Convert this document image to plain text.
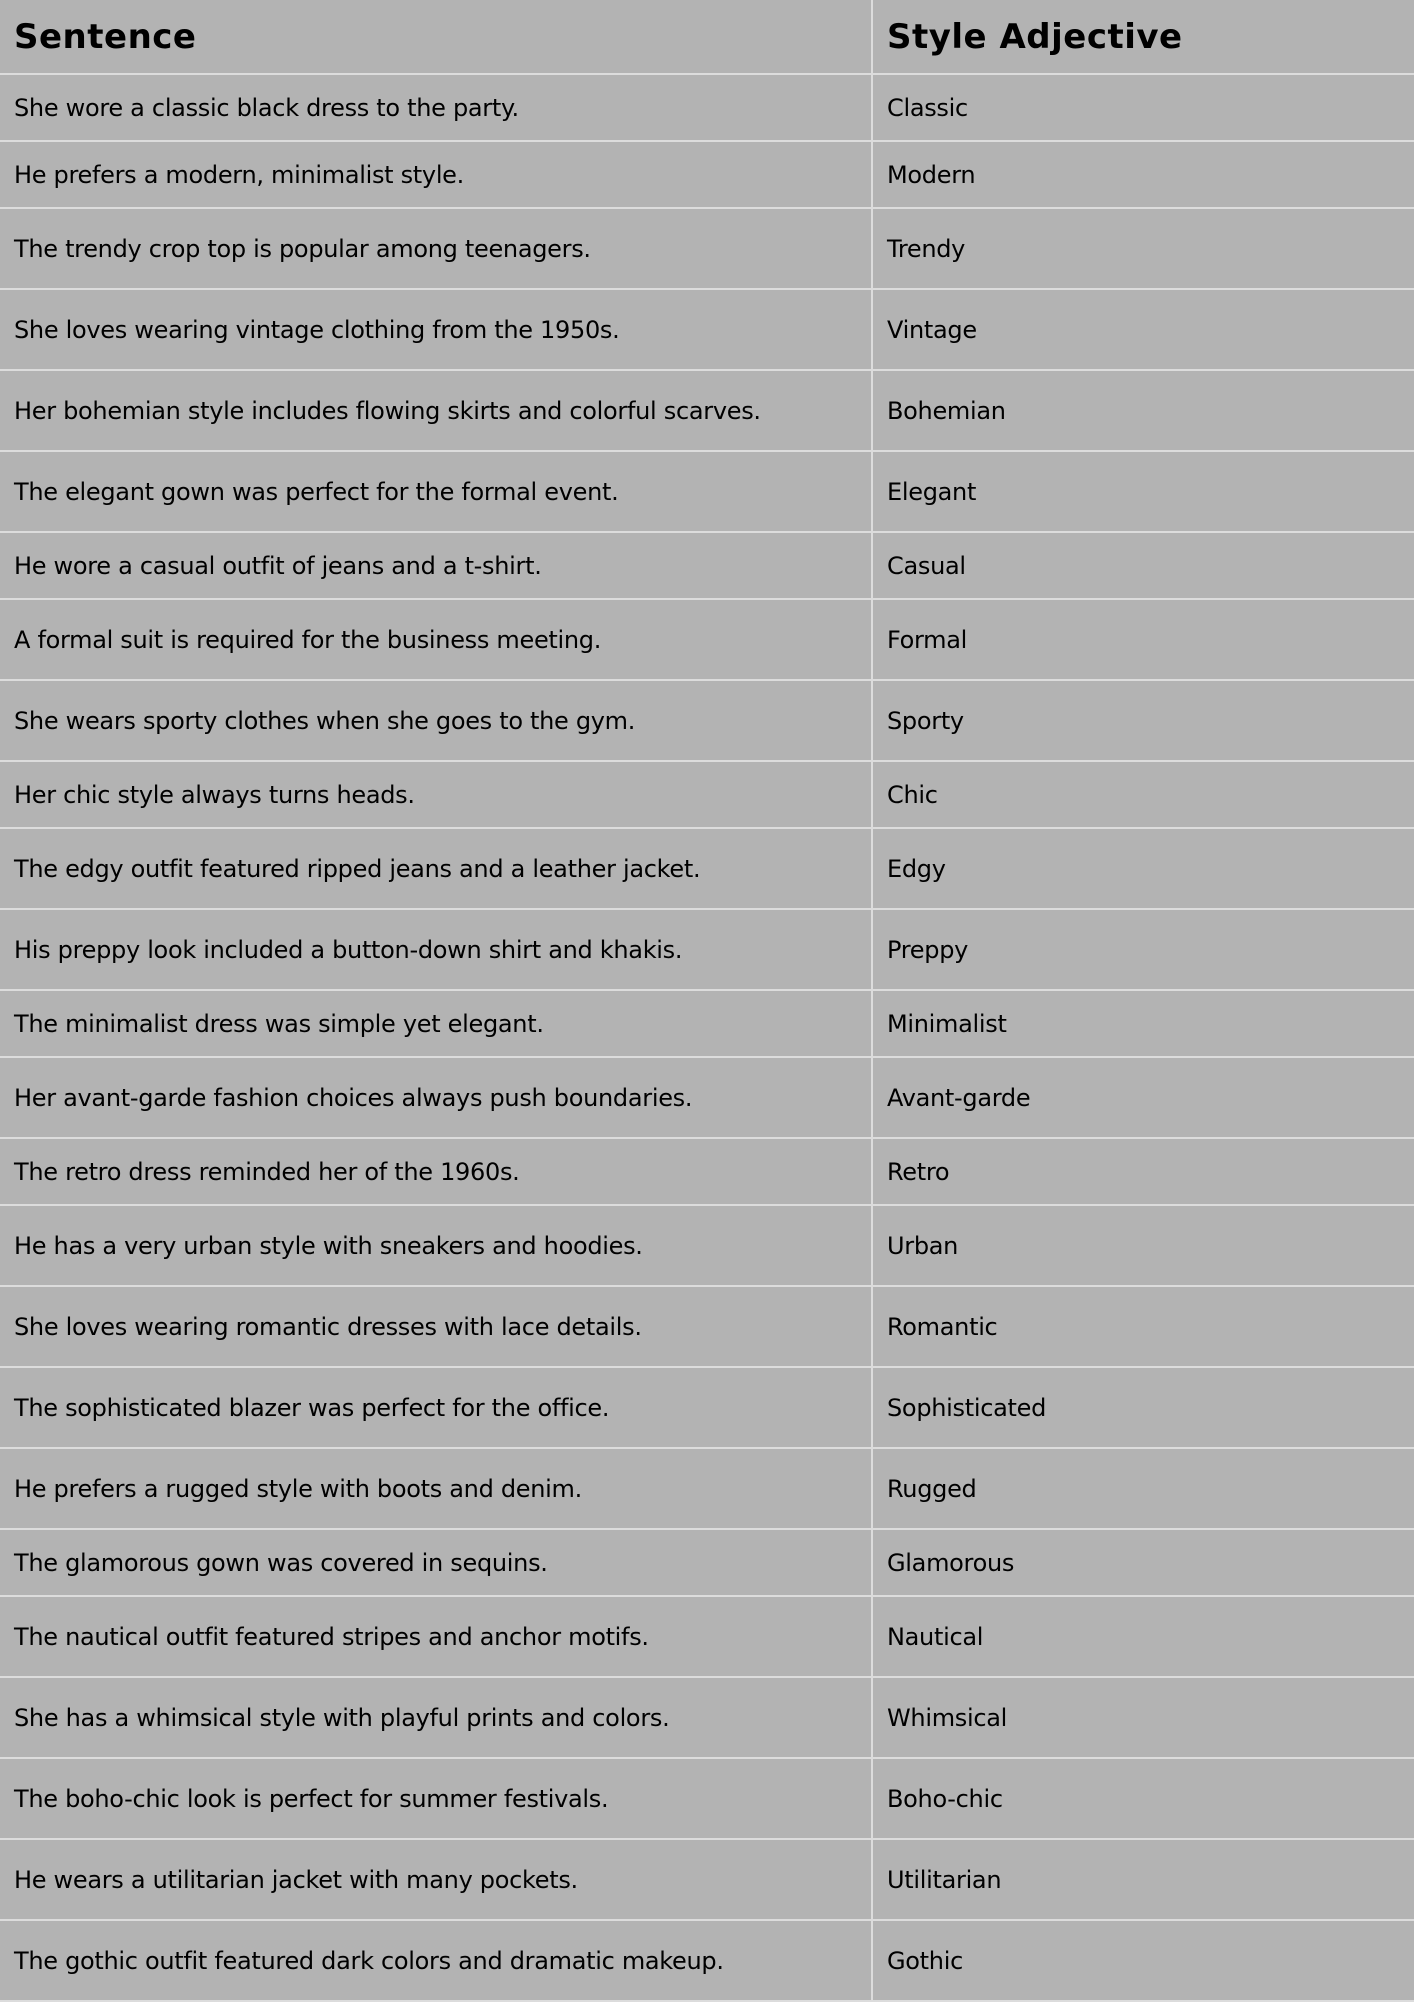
Sentence	Style Adjective
She wore a classic black dress to the party.	Classic
He prefers a modern, minimalist style.	Modern
The trendy crop top is popular among teenagers.	Trendy
She loves wearing vintage clothing from the 1950s.	Vintage
Her bohemian style includes flowing skirts and colorful scarves.	Bohemian
The elegant gown was perfect for the formal event.	Elegant
He wore a casual outfit of jeans and a t-shirt.	Casual
A formal suit is required for the business meeting.	Formal
She wears sporty clothes when she goes to the gym.	Sporty
Her chic style always turns heads.	Chic
The edgy outfit featured ripped jeans and a leather jacket.	Edgy
His preppy look included a button-down shirt and khakis.	Preppy
The minimalist dress was simple yet elegant.	Minimalist
Her avant-garde fashion choices always push boundaries.	Avant-garde
The retro dress reminded her of the 1960s.	Retro
He has a very urban style with sneakers and hoodies.	Urban
She loves wearing romantic dresses with lace details.	Romantic
The sophisticated blazer was perfect for the office.	Sophisticated
He prefers a rugged style with boots and denim.	Rugged
The glamorous gown was covered in sequins.	Glamorous
The nautical outfit featured stripes and anchor motifs.	Nautical
She has a whimsical style with playful prints and colors.	Whimsical
The boho-chic look is perfect for summer festivals.	Boho-chic
He wears a utilitarian jacket with many pockets.	Utilitarian
The gothic outfit featured dark colors and dramatic makeup.	Gothic
